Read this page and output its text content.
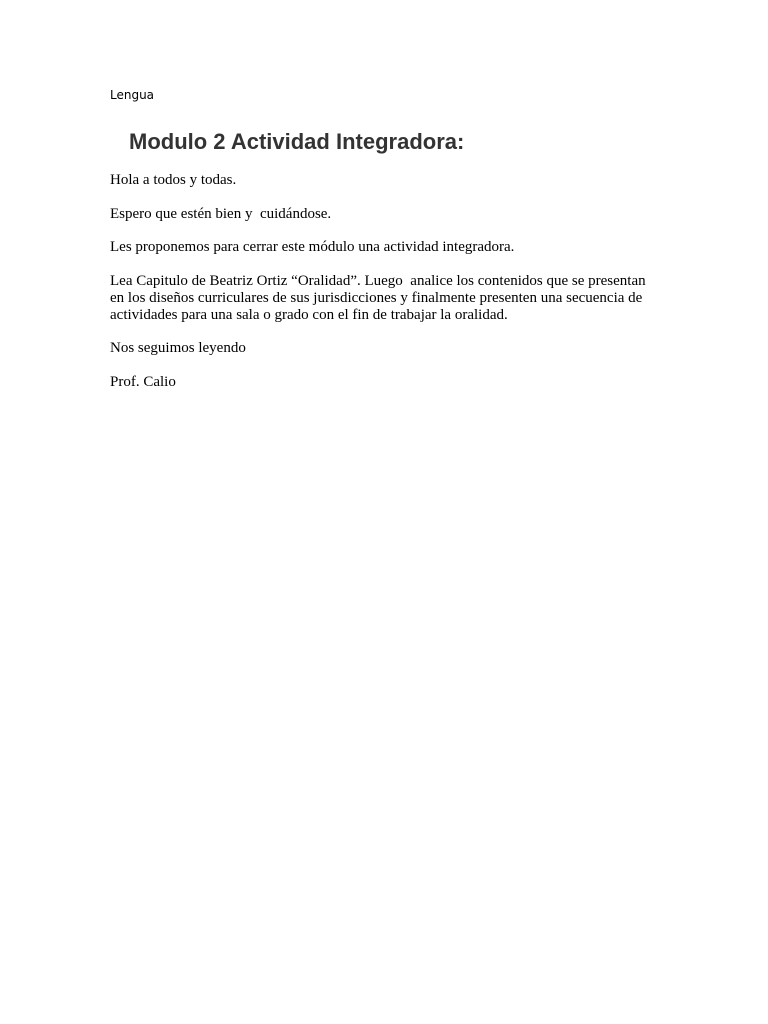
Lengua
Modulo 2 Actividad Integradora:

Hola a todos y todas.

Espero que estén bien y  cuidándose.

Les proponemos para cerrar este módulo una actividad integradora.

Lea Capitulo de Beatriz Ortiz “Oralidad”. Luego  analice los contenidos que se presentan en los diseños curriculares de sus jurisdicciones y finalmente presenten una secuencia de actividades para una sala o grado con el fin de trabajar la oralidad.

Nos seguimos leyendo

Prof. Calio
